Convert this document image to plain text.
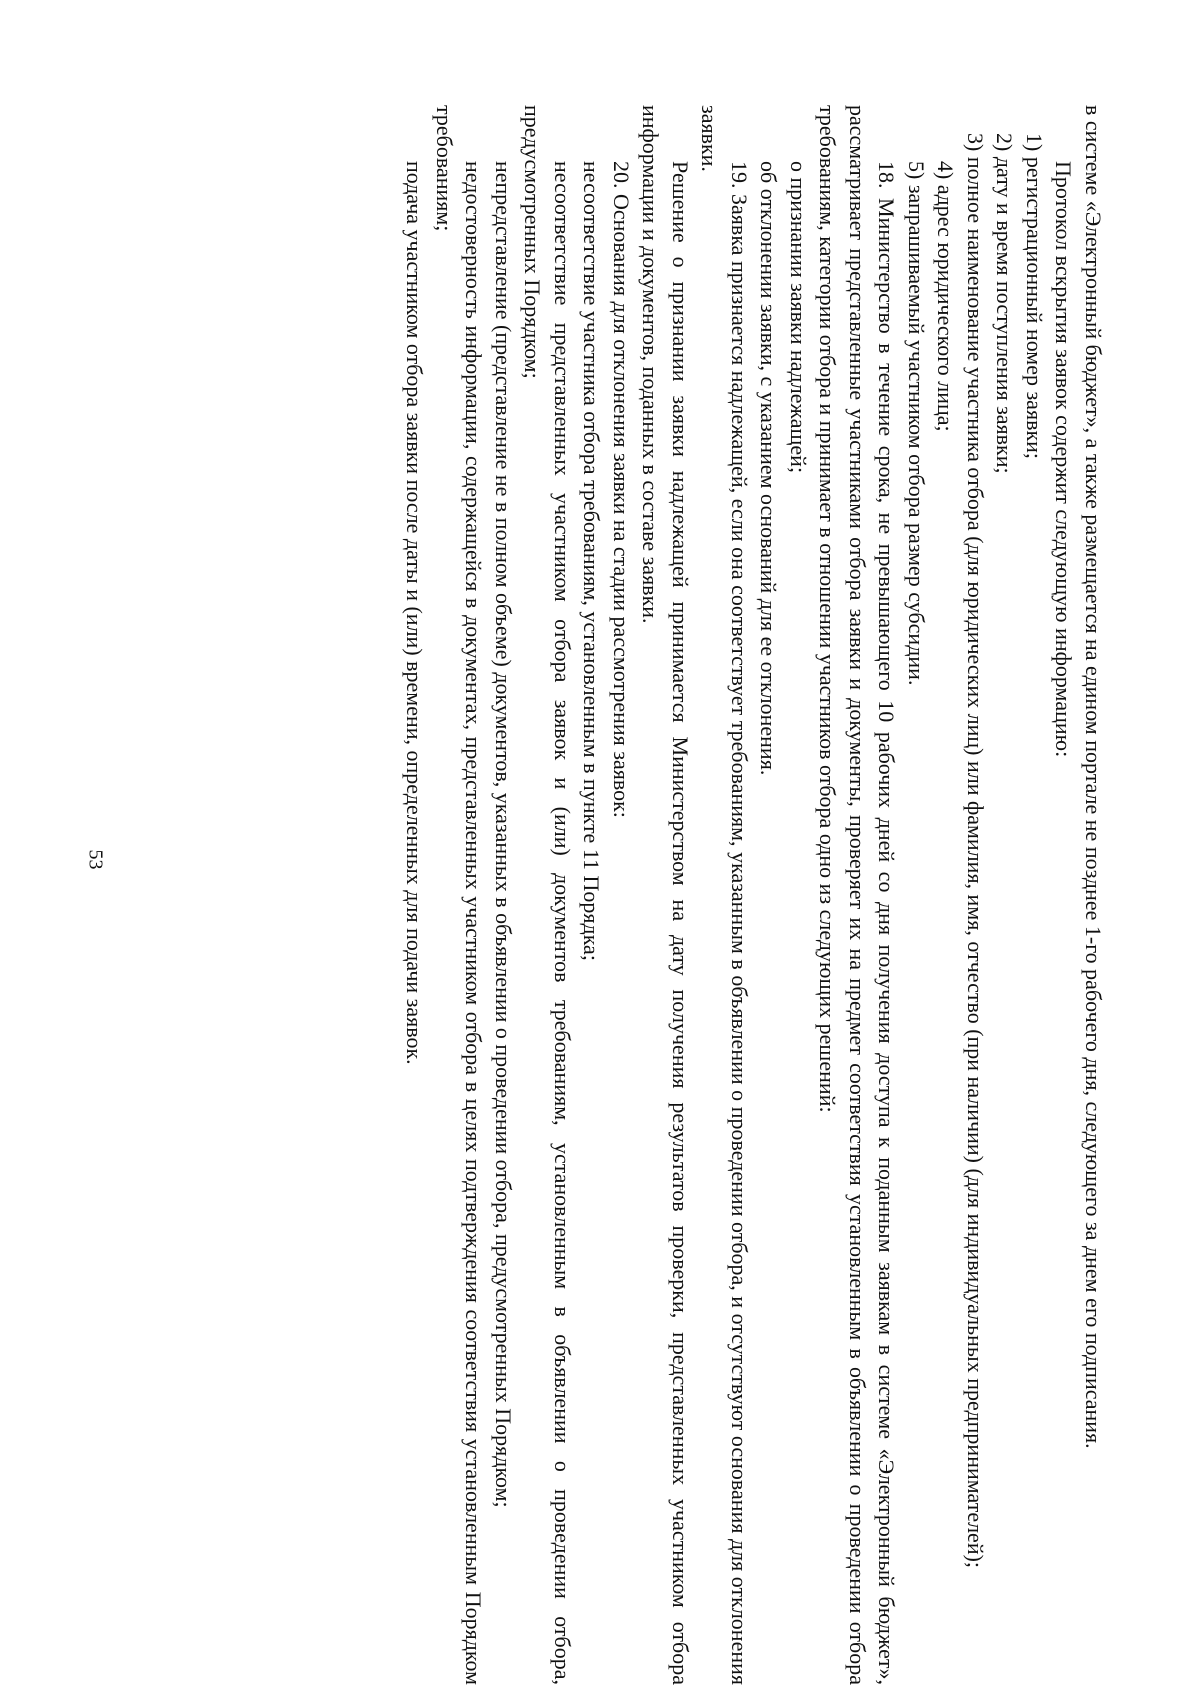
53	в системе «Электронный бюджет», а также размещается на едином портале не позднее 1-го рабочего дня, следующего за днем его подписания.

Протокол вскрытия заявок содержит следующую информацию:

1) регистрационный номер заявки;

2) дату и время поступления заявки;

3) полное наименование участника отбора (для юридических лиц) или фамилия, имя, отчество (при наличии) (для индивидуальных предпринимателей);

4) адрес юридического лица;

5) запрашиваемый участником отбора размер субсидии.

18. Министерство в течение срока, не превышающего 10 рабочих дней со дня получения доступа к поданным заявкам в системе «Электронный бюджет», рассматривает представленные участниками отбора заявки и документы, проверяет их на предмет соответствия установленным в объявлении о проведении отбора требованиям, категории отбора и принимает в отношении участников отбора одно из следующих решений:

о признании заявки надлежащей;

об отклонении заявки, с указанием оснований для ее отклонения.

19. Заявка признается надлежащей, если она соответствует требованиям, указанным в объявлении о проведении отбора, и отсутствуют основания для отклонения заявки.

Решение о признании заявки надлежащей принимается Министерством на дату получения результатов проверки, представленных участником отбора информации и документов, поданных в составе заявки.

20. Основания для отклонения заявки на стадии рассмотрения заявок:

несоответствие участника отбора требованиям, установленным в пункте 11 Порядка;

несоответствие представленных участником отбора заявок и (или) документов требованиям, установленным в объявлении о проведении отбора, предусмотренных Порядком;

непредставление (представление не в полном объеме) документов, указанных в объявлении о проведении отбора, предусмотренных Порядком;

недостоверность информации, содержащейся в документах, представленных участником отбора в целях подтверждения соответствия установленным Порядком требованиям;

подача участником отбора заявки после даты и (или) времени, определенных для подачи заявок.
